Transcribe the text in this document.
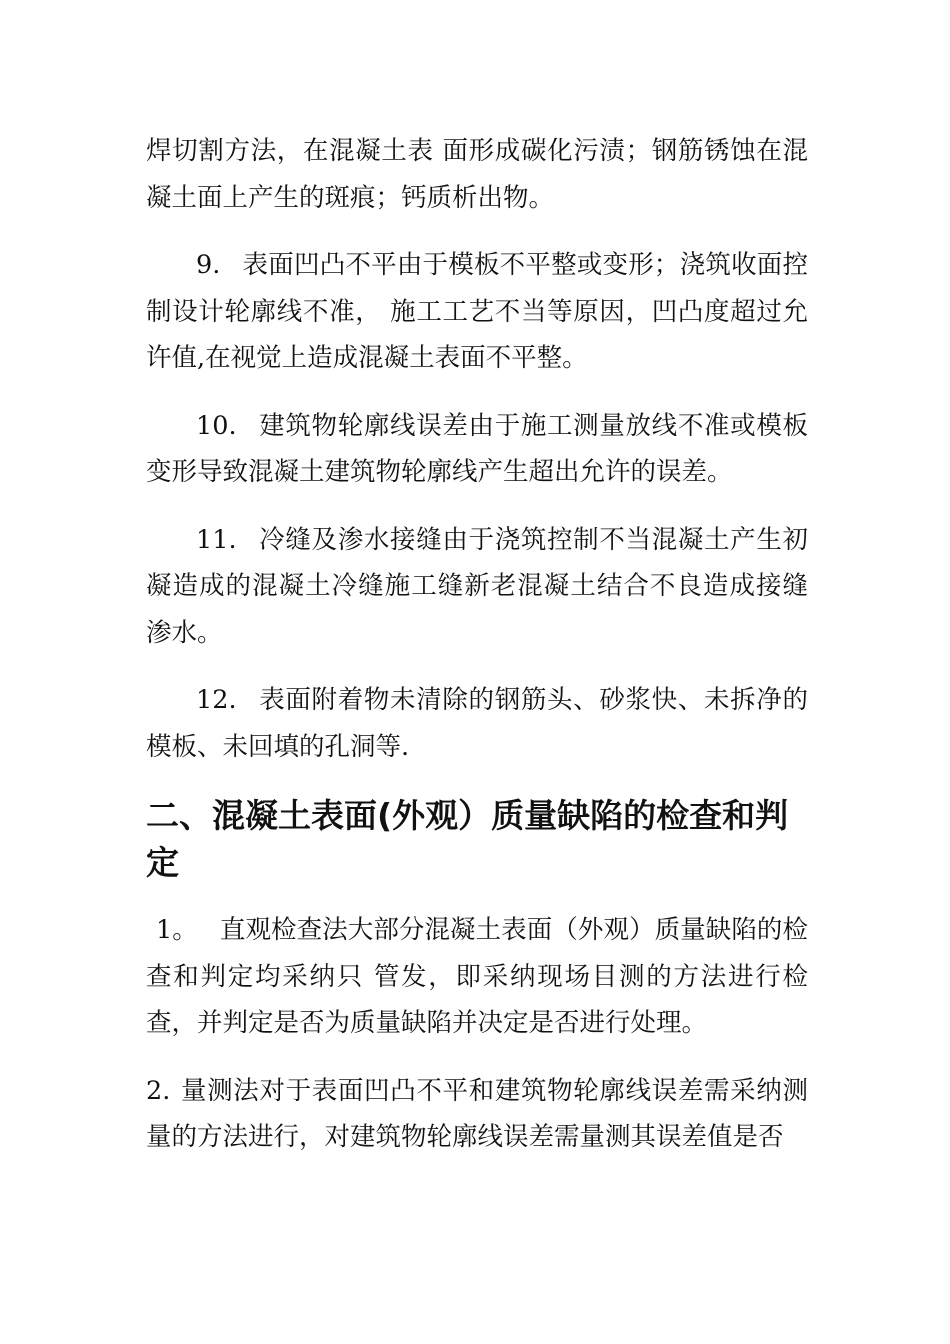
焊切割方法，在混凝土表 面形成碳化污渍；钢筋锈蚀在混凝土面上产生的斑痕；钙质析出物。

9. 表面凹凸不平由于模板不平整或变形；浇筑收面控制设计轮廓线不准， 施工工艺不当等原因，凹凸度超过允许值,在视觉上造成混凝土表面不平整。

10. 建筑物轮廓线误差由于施工测量放线不准或模板变形导致混凝土建筑物轮廓线产生超出允许的误差。

11. 冷缝及渗水接缝由于浇筑控制不当混凝土产生初凝造成的混凝土冷缝施工缝新老混凝土结合不良造成接缝渗水。

12. 表面附着物未清除的钢筋头、砂浆快、未拆净的模板、未回填的孔洞等.

二、混凝土表面(外观）质量缺陷的检查和判定

1。 直观检查法大部分混凝土表面（外观）质量缺陷的检查和判定均采纳只 管发，即采纳现场目测的方法进行检查，并判定是否为质量缺陷并决定是否进行处理。

2. 量测法对于表面凹凸不平和建筑物轮廓线误差需采纳测量的方法进行，对建筑物轮廓线误差需量测其误差值是否
